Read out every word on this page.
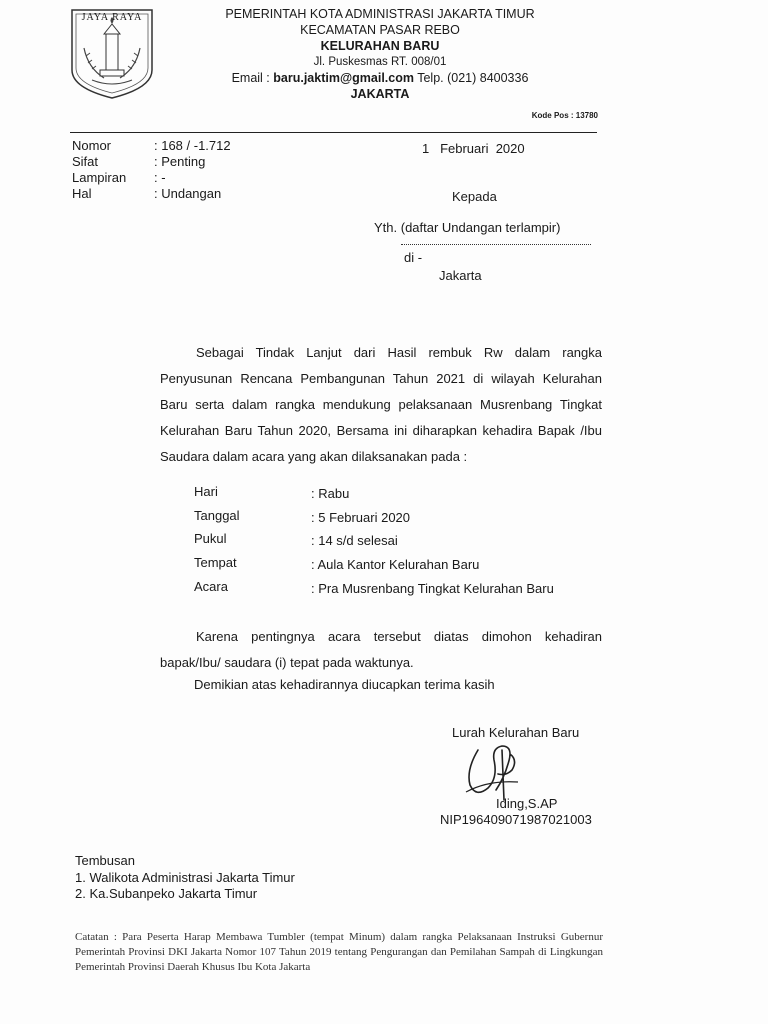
JAYA RAYA	PEMERINTAH KOTA ADMINISTRASI JAKARTA TIMUR
KECAMATAN PASAR REBO
KELURAHAN BARU
Jl. Puskesmas RT. 008/01
Email : baru.jaktim@gmail.com Telp. (021) 8400336
JAKARTA
Kode Pos : 13780
Nomor	: 168 / -1.712
Sifat	: Penting
Lampiran : -
Hal	: Undangan
1   Februari  2020
Kepada
Yth. (daftar Undangan terlampir)
di -
Jakarta
Sebagai Tindak Lanjut dari Hasil rembuk Rw dalam rangka Penyusunan Rencana Pembangunan Tahun 2021 di wilayah Kelurahan Baru serta dalam rangka mendukung pelaksanaan Musrenbang Tingkat Kelurahan Baru Tahun 2020, Bersama ini diharapkan kehadira Bapak /Ibu Saudara dalam acara yang akan dilaksanakan pada :
Hari	: Rabu
Tanggal	: 5 Februari 2020
Pukul	: 14 s/d selesai
Tempat	: Aula Kantor Kelurahan Baru
Acara	: Pra Musrenbang Tingkat Kelurahan Baru
Karena pentingnya acara tersebut diatas dimohon kehadiran bapak/Ibu/ saudara (i) tepat pada waktunya.
Demikian atas kehadirannya diucapkan terima kasih
Lurah Kelurahan Baru
Iding,S.AP
NIP196409071987021003
Tembusan
1. Walikota Administrasi Jakarta Timur
2. Ka.Subanpeko Jakarta Timur
Catatan : Para Peserta Harap Membawa Tumbler (tempat Minum) dalam rangka Pelaksanaan Instruksi Gubernur Pemerintah Provinsi DKI Jakarta Nomor 107 Tahun 2019 tentang Pengurangan dan Pemilahan Sampah di Lingkungan Pemerintah Provinsi Daerah Khusus Ibu Kota Jakarta
